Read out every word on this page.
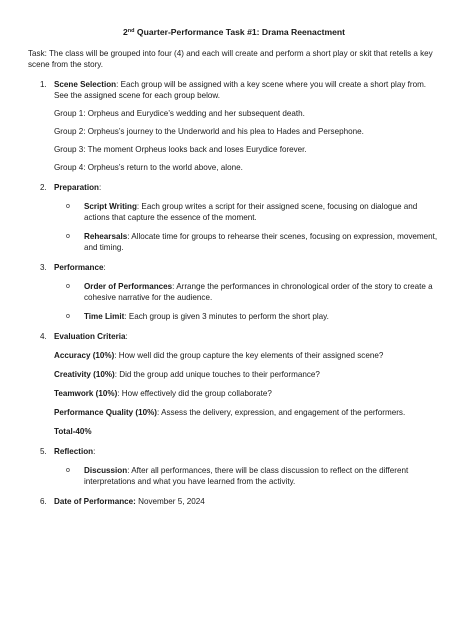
2nd Quarter-Performance Task #1: Drama Reenactment

Task: The class will be grouped into four (4) and each will create and perform a short play or skit that retells a key scene from the story.

1. Scene Selection: Each group will be assigned with a key scene where you will create a short play from. See the assigned scene for each group below.

Group 1: Orpheus and Eurydice’s wedding and her subsequent death.

Group 2: Orpheus’s journey to the Underworld and his plea to Hades and Persephone.

Group 3: The moment Orpheus looks back and loses Eurydice forever.

Group 4: Orpheus’s return to the world above, alone.

2. Preparation:

o Script Writing: Each group writes a script for their assigned scene, focusing on dialogue and actions that capture the essence of the moment.

o Rehearsals: Allocate time for groups to rehearse their scenes, focusing on expression, movement, and timing.

3. Performance:

o Order of Performances: Arrange the performances in chronological order of the story to create a cohesive narrative for the audience.

o Time Limit: Each group is given 3 minutes to perform the short play.

4. Evaluation Criteria:

Accuracy (10%): How well did the group capture the key elements of their assigned scene?

Creativity (10%): Did the group add unique touches to their performance?

Teamwork (10%): How effectively did the group collaborate?

Performance Quality (10%): Assess the delivery, expression, and engagement of the performers.

Total-40%

5. Reflection:

o Discussion: After all performances, there will be class discussion to reflect on the different interpretations and what you have learned from the activity.

6. Date of Performance: November 5, 2024
